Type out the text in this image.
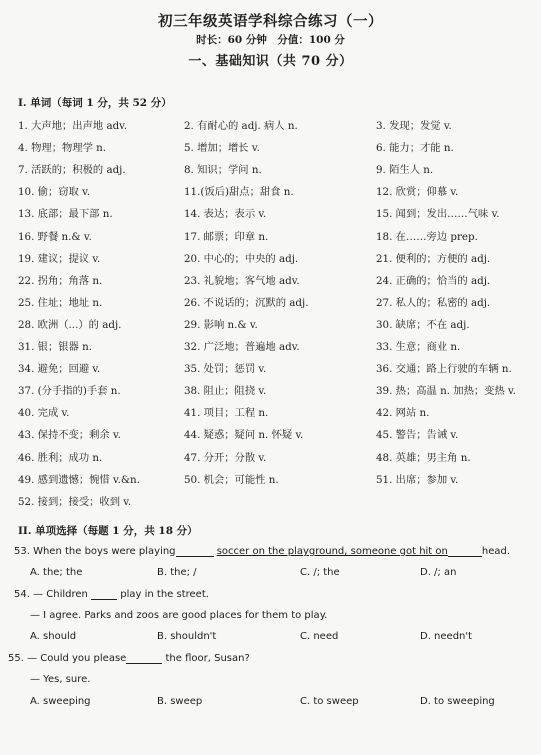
初三年级英语学科综合练习（一）
时长：60 分钟　分值：100 分
一、基础知识（共 70 分）
I. 单词（每词 1 分，共 52 分）
1. 大声地；出声地 adv.	2. 有耐心的 adj. 病人 n.	3. 发现；发觉 v.
4. 物理；物理学 n.	5. 增加；增长 v.	6. 能力；才能 n.
7. 活跃的；积极的 adj.	8. 知识；学问 n.	9. 陌生人 n.
10. 偷；窃取 v.	11.(饭后)甜点；甜食 n.	12. 欣赏；仰慕 v.
13. 底部；最下部 n.	14. 表达；表示 v.	15. 闻到；发出……气味 v.
16. 野餐 n.& v.	17. 邮票；印章 n.	18. 在……旁边 prep.
19. 建议；提议 v.	20. 中心的；中央的 adj.	21. 便利的；方便的 adj.
22. 拐角；角落 n.	23. 礼貌地；客气地 adv.	24. 正确的；恰当的 adj.
25. 住址；地址 n.	26. 不说话的；沉默的 adj.	27. 私人的；私密的 adj.
28. 欧洲（...）的 adj.	29. 影响 n.& v.	30. 缺席；不在 adj.
31. 银；银器 n.	32. 广泛地；普遍地 adv.	33. 生意；商业 n.
34. 避免；回避 v.	35. 处罚；惩罚 v.	36. 交通；路上行驶的车辆 n.
37. (分手指的)手套 n.	38. 阻止；阻挠 v.	39. 热；高温 n. 加热；变热 v.
40. 完成 v.	41. 项目；工程 n.	42. 网站 n.
43. 保持不变；剩余 v.	44. 疑惑；疑问 n. 怀疑 v.	45. 警告；告诫 v.
46. 胜利；成功 n.	47. 分开；分散 v.	48. 英雄；男主角 n.
49. 感到遗憾；惋惜 v.&n.	50. 机会；可能性 n.	51. 出席；参加 v.
52. 接到；接受；收到 v.
II. 单项选择（每题 1 分，共 18 分）
53. When the boys were playing	soccer on the playground, someone got hit on	head.
A. the; the	B. the; /	C. /; the	D. /; an
54. — Children	play in the street.
— I agree. Parks and zoos are good places for them to play.
A. should	B. shouldn't	C. need	D. needn't
55. — Could you please	the floor, Susan?
— Yes, sure.
A. sweeping	B. sweep	C. to sweep	D. to sweeping
